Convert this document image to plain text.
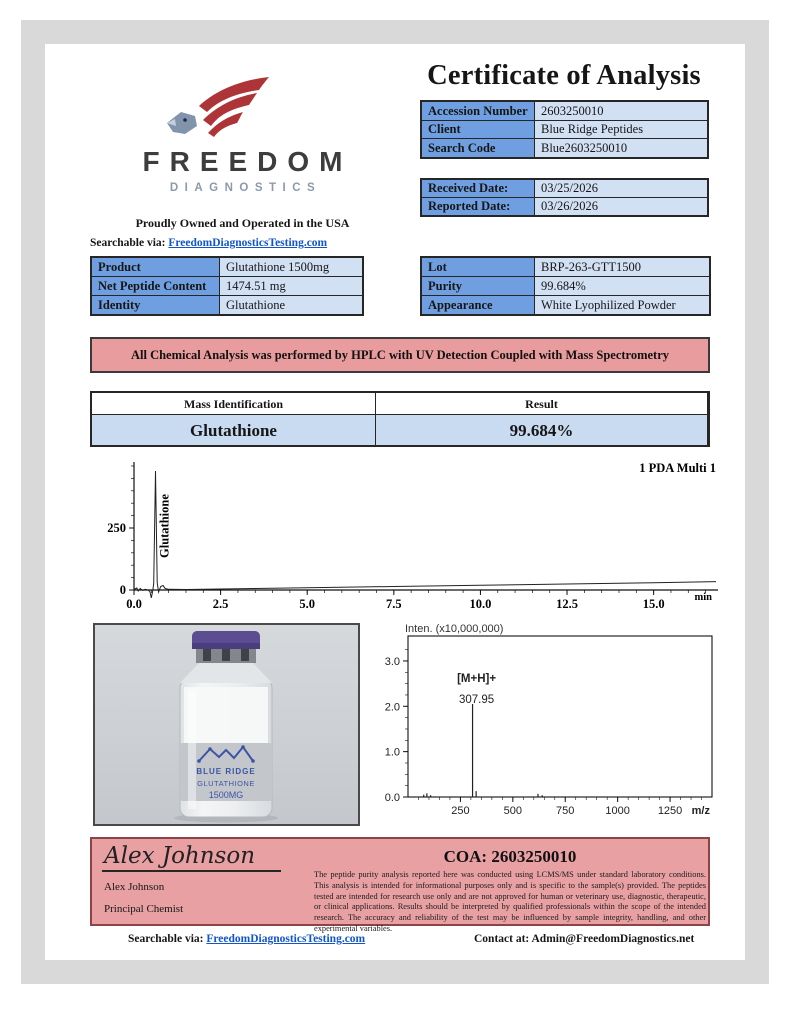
Certificate of Analysis
FREEDOM
DIAGNOSTICS
Proudly Owned and Operated in the USA
Searchable via: FreedomDiagnosticsTesting.com
Accession Number	2603250010
Client	Blue Ridge Peptides
Search Code	Blue2603250010
Received Date:	03/25/2026
Reported Date:	03/26/2026
Product	Glutathione 1500mg
Net Peptide Content	1474.51 mg
Identity	Glutathione
Lot	BRP-263-GTT1500
Purity	99.684%
Appearance	White Lyophilized Powder
All Chemical Analysis was performed by HPLC with UV Detection Coupled with Mass Spectrometry
Mass Identification	Result
Glutathione	99.684%
0
250
0.0	2.5	5.0	7.5	10.0	12.5	15.0	min
1 PDA Multi 1
Glutathione
BLUE RIDGE
GLUTATHIONE
1500MG	0.0
1.0
2.0
3.0
250	500	750	1000	1250 m/z
Inten. (x10,000,000)
[M+H]+
307.95
Alex Johnson
Alex Johnson
Principal Chemist
COA: 2603250010
The peptide purity analysis reported here was conducted using LCMS/MS under standard laboratory conditions. This analysis is intended for informational purposes only and is specific to the sample(s) provided. The peptides tested are intended for research use only and are not approved for human or veterinary use, diagnostic, therapeutic, or clinical applications. Results should be interpreted by qualified professionals within the scope of the intended research. The accuracy and reliability of the test may be influenced by sample integrity, handling, and other experimental variables.
Searchable via: FreedomDiagnosticsTesting.com	Contact at: Admin@FreedomDiagnostics.net
